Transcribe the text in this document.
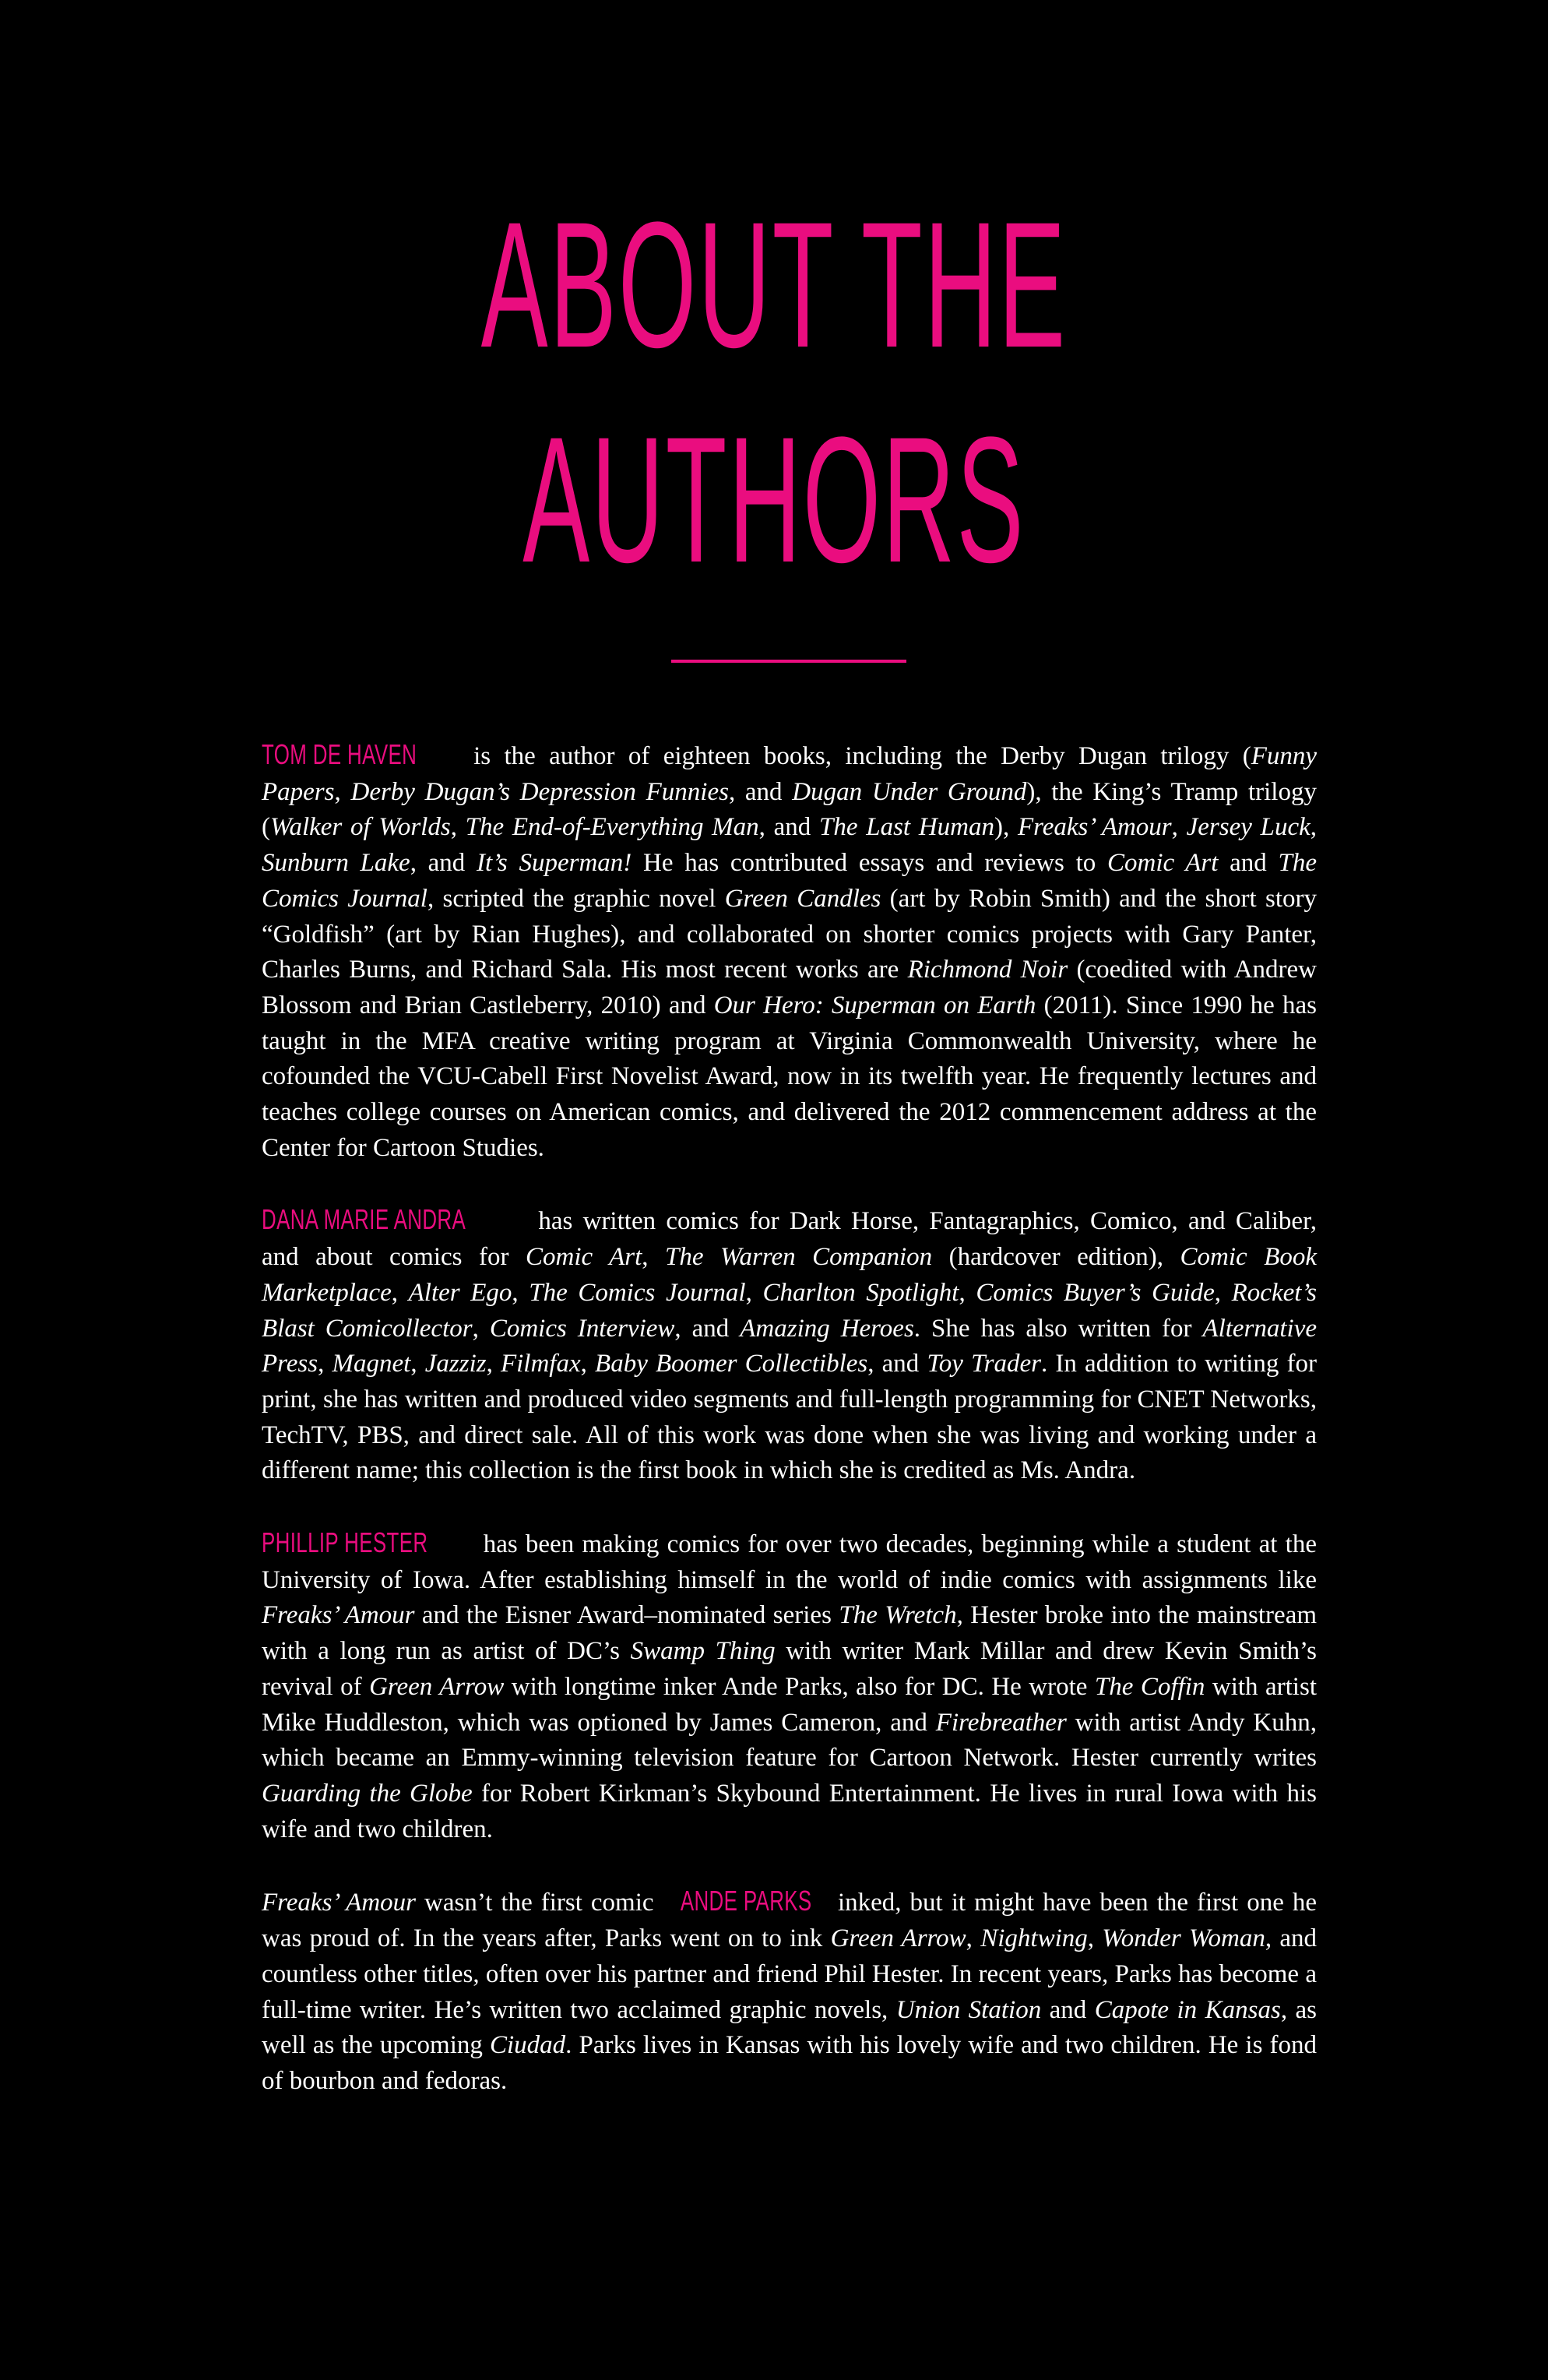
ABOUT THE
AUTHORS

TOM DE HAVEN is the author of eighteen books, including the Derby Dugan trilogy (Funny Papers, Derby Dugan’s Depression Funnies, and Dugan Under Ground), the King’s Tramp trilogy (Walker of Worlds, The End-of-Everything Man, and The Last Human), Freaks’ Amour, Jersey Luck, Sunburn Lake, and It’s Superman! He has contributed essays and reviews to Comic Art and The Comics Journal, scripted the graphic novel Green Candles (art by Robin Smith) and the short story “Goldfish” (art by Rian Hughes), and collaborated on shorter comics projects with Gary Panter, Charles Burns, and Richard Sala. His most recent works are Richmond Noir (coedited with Andrew Blossom and Brian Castleberry, 2010) and Our Hero: Superman on Earth (2011). Since 1990 he has taught in the MFA creative writing program at Virginia Commonwealth University, where he cofounded the VCU-Cabell First Novelist Award, now in its twelfth year. He frequently lectures and teaches college courses on American comics, and delivered the 2012 commencement address at the Center for Cartoon Studies.

DANA MARIE ANDRA	has written comics for Dark Horse, Fantagraphics, Comico, and Caliber, and about comics for Comic Art, The Warren Companion (hardcover edition), Comic Book Marketplace, Alter Ego, The Comics Journal, Charlton Spotlight, Comics Buyer’s Guide, Rocket’s Blast Comicollector, Comics Interview, and Amazing Heroes. She has also written for Alternative Press, Magnet, Jazziz, Filmfax, Baby Boomer Collectibles, and Toy Trader. In addition to writing for print, she has written and produced video segments and full-length programming for CNET Networks, TechTV, PBS, and direct sale. All of this work was done when she was living and working under a different name; this collection is the first book in which she is credited as Ms. Andra.

PHILLIP HESTER has been making comics for over two decades, beginning while a student at the University of Iowa. After establishing himself in the world of indie comics with assignments like Freaks’ Amour and the Eisner Award–nominated series The Wretch, Hester broke into the mainstream with a long run as artist of DC’s Swamp Thing with writer Mark Millar and drew Kevin Smith’s revival of Green Arrow with longtime inker Ande Parks, also for DC. He wrote The Coffin with artist Mike Huddleston, which was optioned by James Cameron, and Firebreather with artist Andy Kuhn, which became an Emmy-winning television feature for Cartoon Network. Hester currently writes Guarding the Globe for Robert Kirkman’s Skybound Entertainment. He lives in rural Iowa with his wife and two children.

Freaks’ Amour wasn’t the first comic ANDE PARKS inked, but it might have been the first one he was proud of. In the years after, Parks went on to ink Green Arrow, Nightwing, Wonder Woman, and countless other titles, often over his partner and friend Phil Hester. In recent years, Parks has become a full-time writer. He’s written two acclaimed graphic novels, Union Station and Capote in Kansas, as well as the upcoming Ciudad. Parks lives in Kansas with his lovely wife and two children. He is fond of bourbon and fedoras.
